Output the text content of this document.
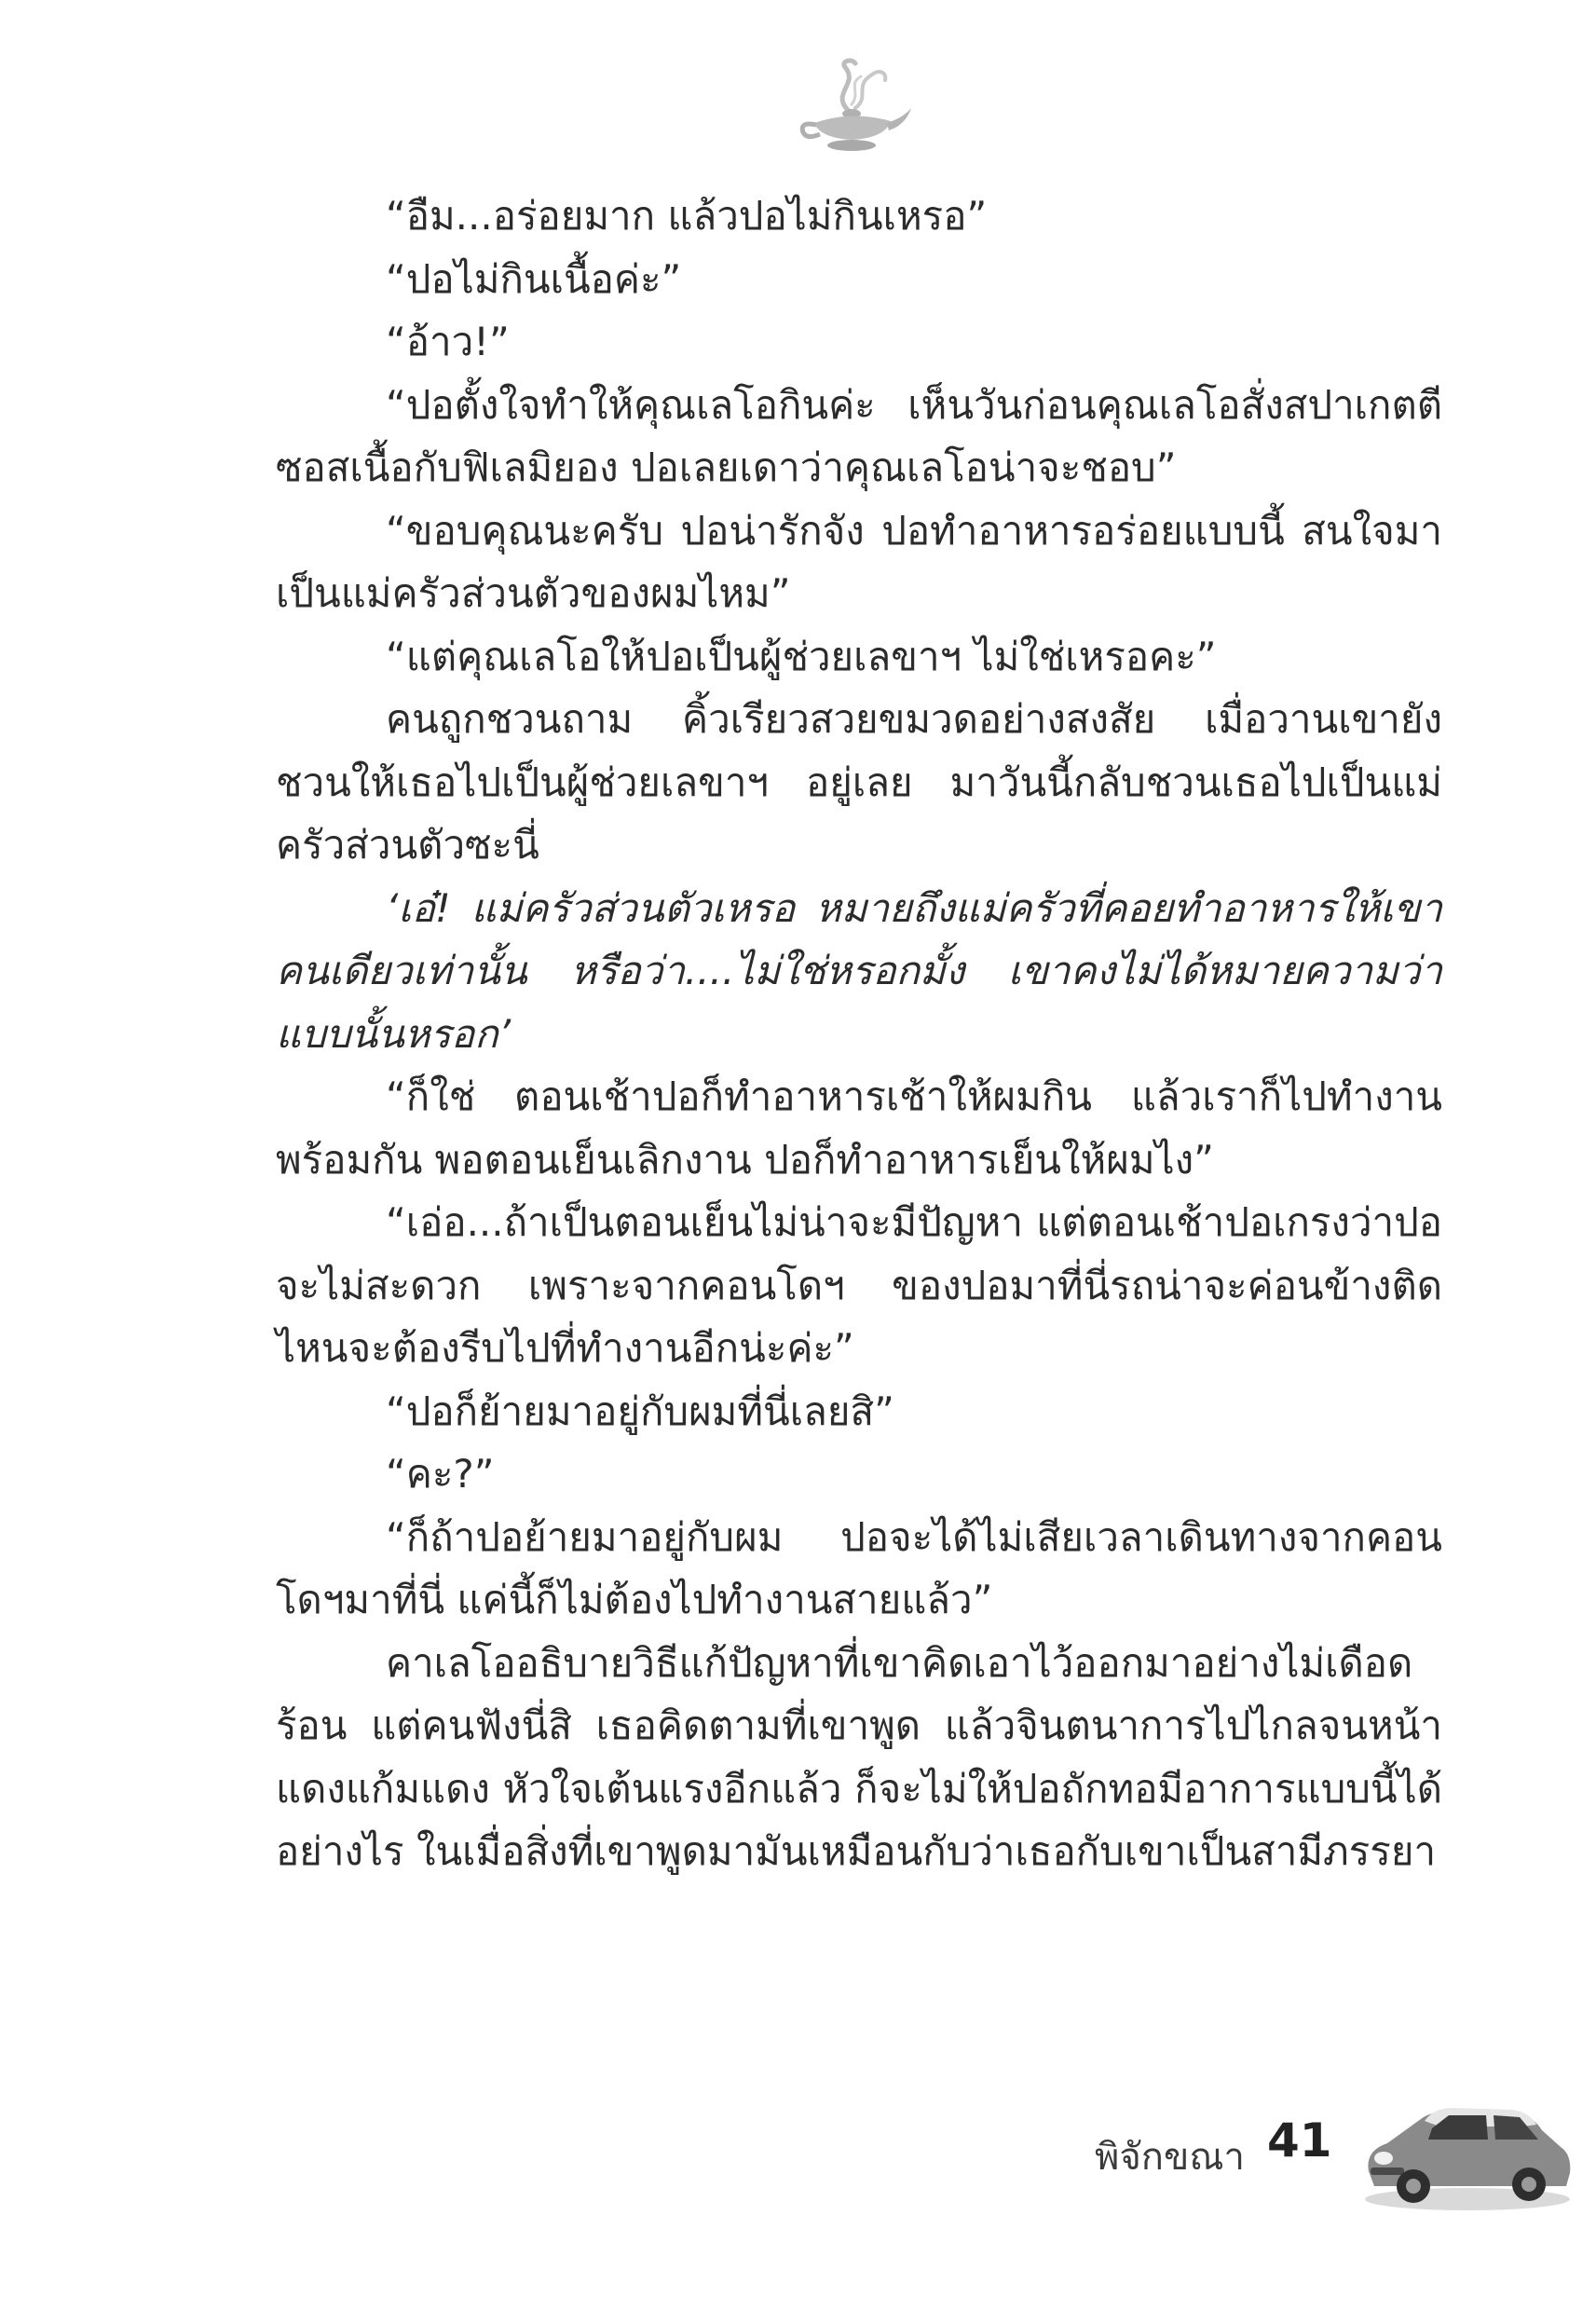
“อืม...อร่อยมาก แล้วปอไม่กินเหรอ”

“ปอไม่กินเนื้อค่ะ”

“อ้าว!”

“ปอตั้งใจทำให้คุณเลโอกินค่ะ เห็นวันก่อนคุณเลโอสั่งสปาเกตตีซอสเนื้อกับฟิเลมิยอง ปอเลยเดาว่าคุณเลโอน่าจะชอบ”

“ขอบคุณนะครับ ปอน่ารักจัง ปอทำอาหารอร่อยแบบนี้ สนใจมาเป็นแม่ครัวส่วนตัวของผมไหม”

“แต่คุณเลโอให้ปอเป็นผู้ช่วยเลขาฯ ไม่ใช่เหรอคะ”

คนถูกชวนถาม คิ้วเรียวสวยขมวดอย่างสงสัย เมื่อวานเขายังชวนให้เธอไปเป็นผู้ช่วยเลขาฯ อยู่เลย มาวันนี้กลับชวนเธอไปเป็นแม่ครัวส่วนตัวซะนี่

‘เอ๋! แม่ครัวส่วนตัวเหรอ หมายถึงแม่ครัวที่คอยทำอาหารให้เขาคนเดียวเท่านั้น หรือว่า....ไม่ใช่หรอกมั้ง เขาคงไม่ได้หมายความว่าแบบนั้นหรอก’

“ก็ใช่ ตอนเช้าปอก็ทำอาหารเช้าให้ผมกิน แล้วเราก็ไปทำงานพร้อมกัน พอตอนเย็นเลิกงาน ปอก็ทำอาหารเย็นให้ผมไง”

“เอ่อ...ถ้าเป็นตอนเย็นไม่น่าจะมีปัญหา แต่ตอนเช้าปอเกรงว่าปอจะไม่สะดวก เพราะจากคอนโดฯ ของปอมาที่นี่รถน่าจะค่อนข้างติด ไหนจะต้องรีบไปที่ทำงานอีกน่ะค่ะ”

“ปอก็ย้ายมาอยู่กับผมที่นี่เลยสิ”

“คะ?”

“ก็ถ้าปอย้ายมาอยู่กับผม ปอจะได้ไม่เสียเวลาเดินทางจากคอนโดฯมาที่นี่ แค่นี้ก็ไม่ต้องไปทำงานสายแล้ว”

คาเลโออธิบายวิธีแก้ปัญหาที่เขาคิดเอาไว้ออกมาอย่างไม่เดือดร้อน แต่คนฟังนี่สิ เธอคิดตามที่เขาพูด แล้วจินตนาการไปไกลจนหน้าแดงแก้มแดง หัวใจเต้นแรงอีกแล้ว ก็จะไม่ให้ปอถักทอมีอาการแบบนี้ได้อย่างไร ในเมื่อสิ่งที่เขาพูดมามันเหมือนกับว่าเธอกับเขาเป็นสามีภรรยา

พิจักขณา 41
